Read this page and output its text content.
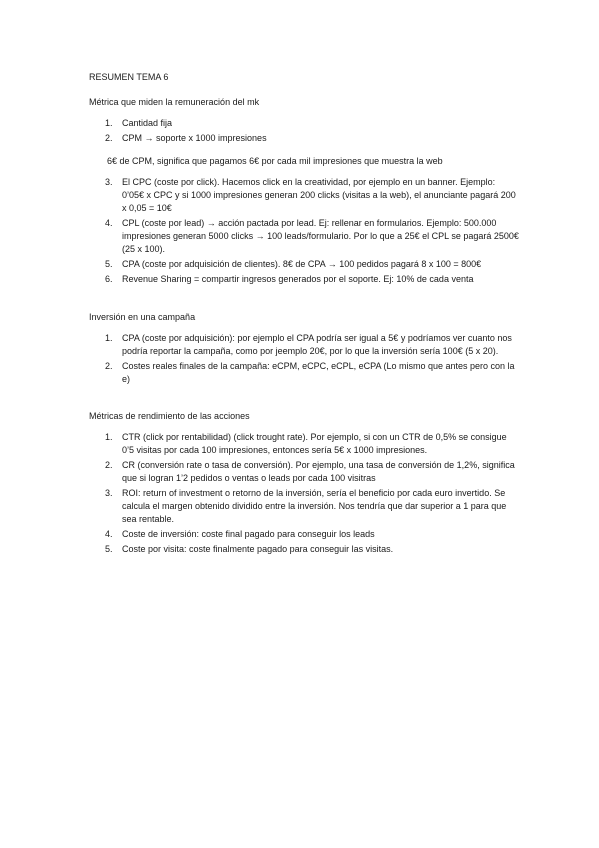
RESUMEN TEMA 6

Métrica que miden la remuneración del mk

1. Cantidad fija
2. CPM → soporte x 1000 impresiones

6€ de CPM, significa que pagamos 6€ por cada mil impresiones que muestra la web

3. El CPC (coste por click). Hacemos click en la creatividad, por ejemplo en un banner. Ejemplo: 0’05€ x CPC y si 1000 impresiones generan 200 clicks (visitas a la web), el anunciante pagará 200 x 0,05 = 10€
4. CPL (coste por lead) → acción pactada por lead. Ej: rellenar en formularios. Ejemplo: 500.000 impresiones generan 5000 clicks → 100 leads/formulario. Por lo que a 25€ el CPL se pagará 2500€ (25 x 100).
5. CPA (coste por adquisición de clientes). 8€ de CPA → 100 pedidos pagará 8 x 100 = 800€
6. Revenue Sharing = compartir ingresos generados por el soporte. Ej: 10% de cada venta

Inversión en una campaña

1. CPA (coste por adquisición): por ejemplo el CPA podría ser igual a 5€ y podríamos ver cuanto nos podría reportar la campaña, como por jeemplo 20€, por lo que la inversión sería 100€ (5 x 20).
2. Costes reales finales de la campaña: eCPM, eCPC, eCPL, eCPA (Lo mismo que antes pero con la e)

Métricas de rendimiento de las acciones

1. CTR (click por rentabilidad) (click trought rate). Por ejemplo, si con un CTR de 0,5% se consigue 0’5 visitas por cada 100 impresiones, entonces sería 5€ x 1000 impresiones.
2. CR (conversión rate o tasa de conversión). Por ejemplo, una tasa de conversión de 1,2%, significa que si logran 1’2 pedidos o ventas o leads por cada 100 visitras
3. ROI: return of investment o retorno de la inversión, sería el beneficio por cada euro invertido. Se calcula el margen obtenido dividido entre la inversión. Nos tendría que dar superior a 1 para que sea rentable.
4. Coste de inversión: coste final pagado para conseguir los leads
5. Coste por visita: coste finalmente pagado para conseguir las visitas.
